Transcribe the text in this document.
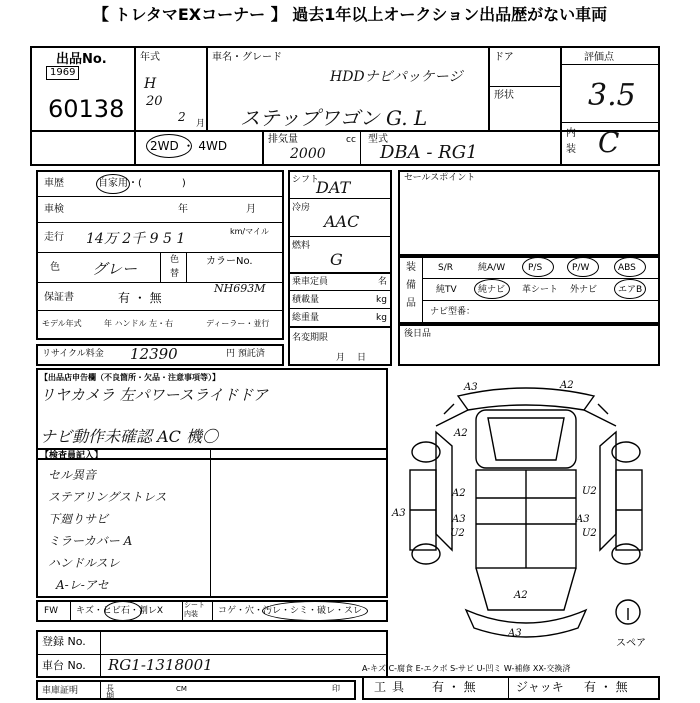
【 トレタマEXコーナー 】 過去1年以上オークション出品歴がない車両
出品No.
1969
60138
2WD ・ 4WD
年式
H
20
2 月
車名・グレード
HDDナビパッケージ
ステップワゴン G. L
ドア
形状
評価点
3.5
内
装 C
排気量	cc
2000
型式
DBA - RG1
車歴	自家用・(　　　　)
車検	年	月
走行 14万 2千 9 5 1	km/マイル
色 グレー	色
替
カラーNo.
保証書	有 ・ 無
NH693M
モデル年式	年 ハンドル 左・右	ディーラー・並行
リサイクル料金 12390	円 預託済
シフト
DAT
冷房
AAC
燃料
G
乗車定員	名
積載量	kg
総重量	kg
名変期限
月日
セールスポイント
装
備
品
S/R	純A/W	P/S	P/W	ABS
純TV 純ナビ 革シート 外ナビ エアB
ナビ型番：
後日品
【出品店申告欄（不良箇所・欠品・注意事項等）】
リヤカメラ 左パワースライドドア
ナビ動作未確認 AC 機〇
【検査員記入】
セル異音
ステアリングストレス
下廻りサビ
ミラーカバー A
ハンドルスレ
A-レ-アセ
FW キズ・ヒビ石・割レX
シート内装	コゲ・穴・汚レ・シミ・破レ・スレ
登録 No.
車台 No. RG1-1318001
車庫証明	長
期
CM	印	工具 有 ・ 無	ジャッキ 有 ・ 無
A-キズ C-腐食 E-エクボ S-サビ U-凹ミ W-補修 XX-交換済
スペア
A3	A2
A2
A2	U2
A3
U2
A3
U2
A2
A3
A3
